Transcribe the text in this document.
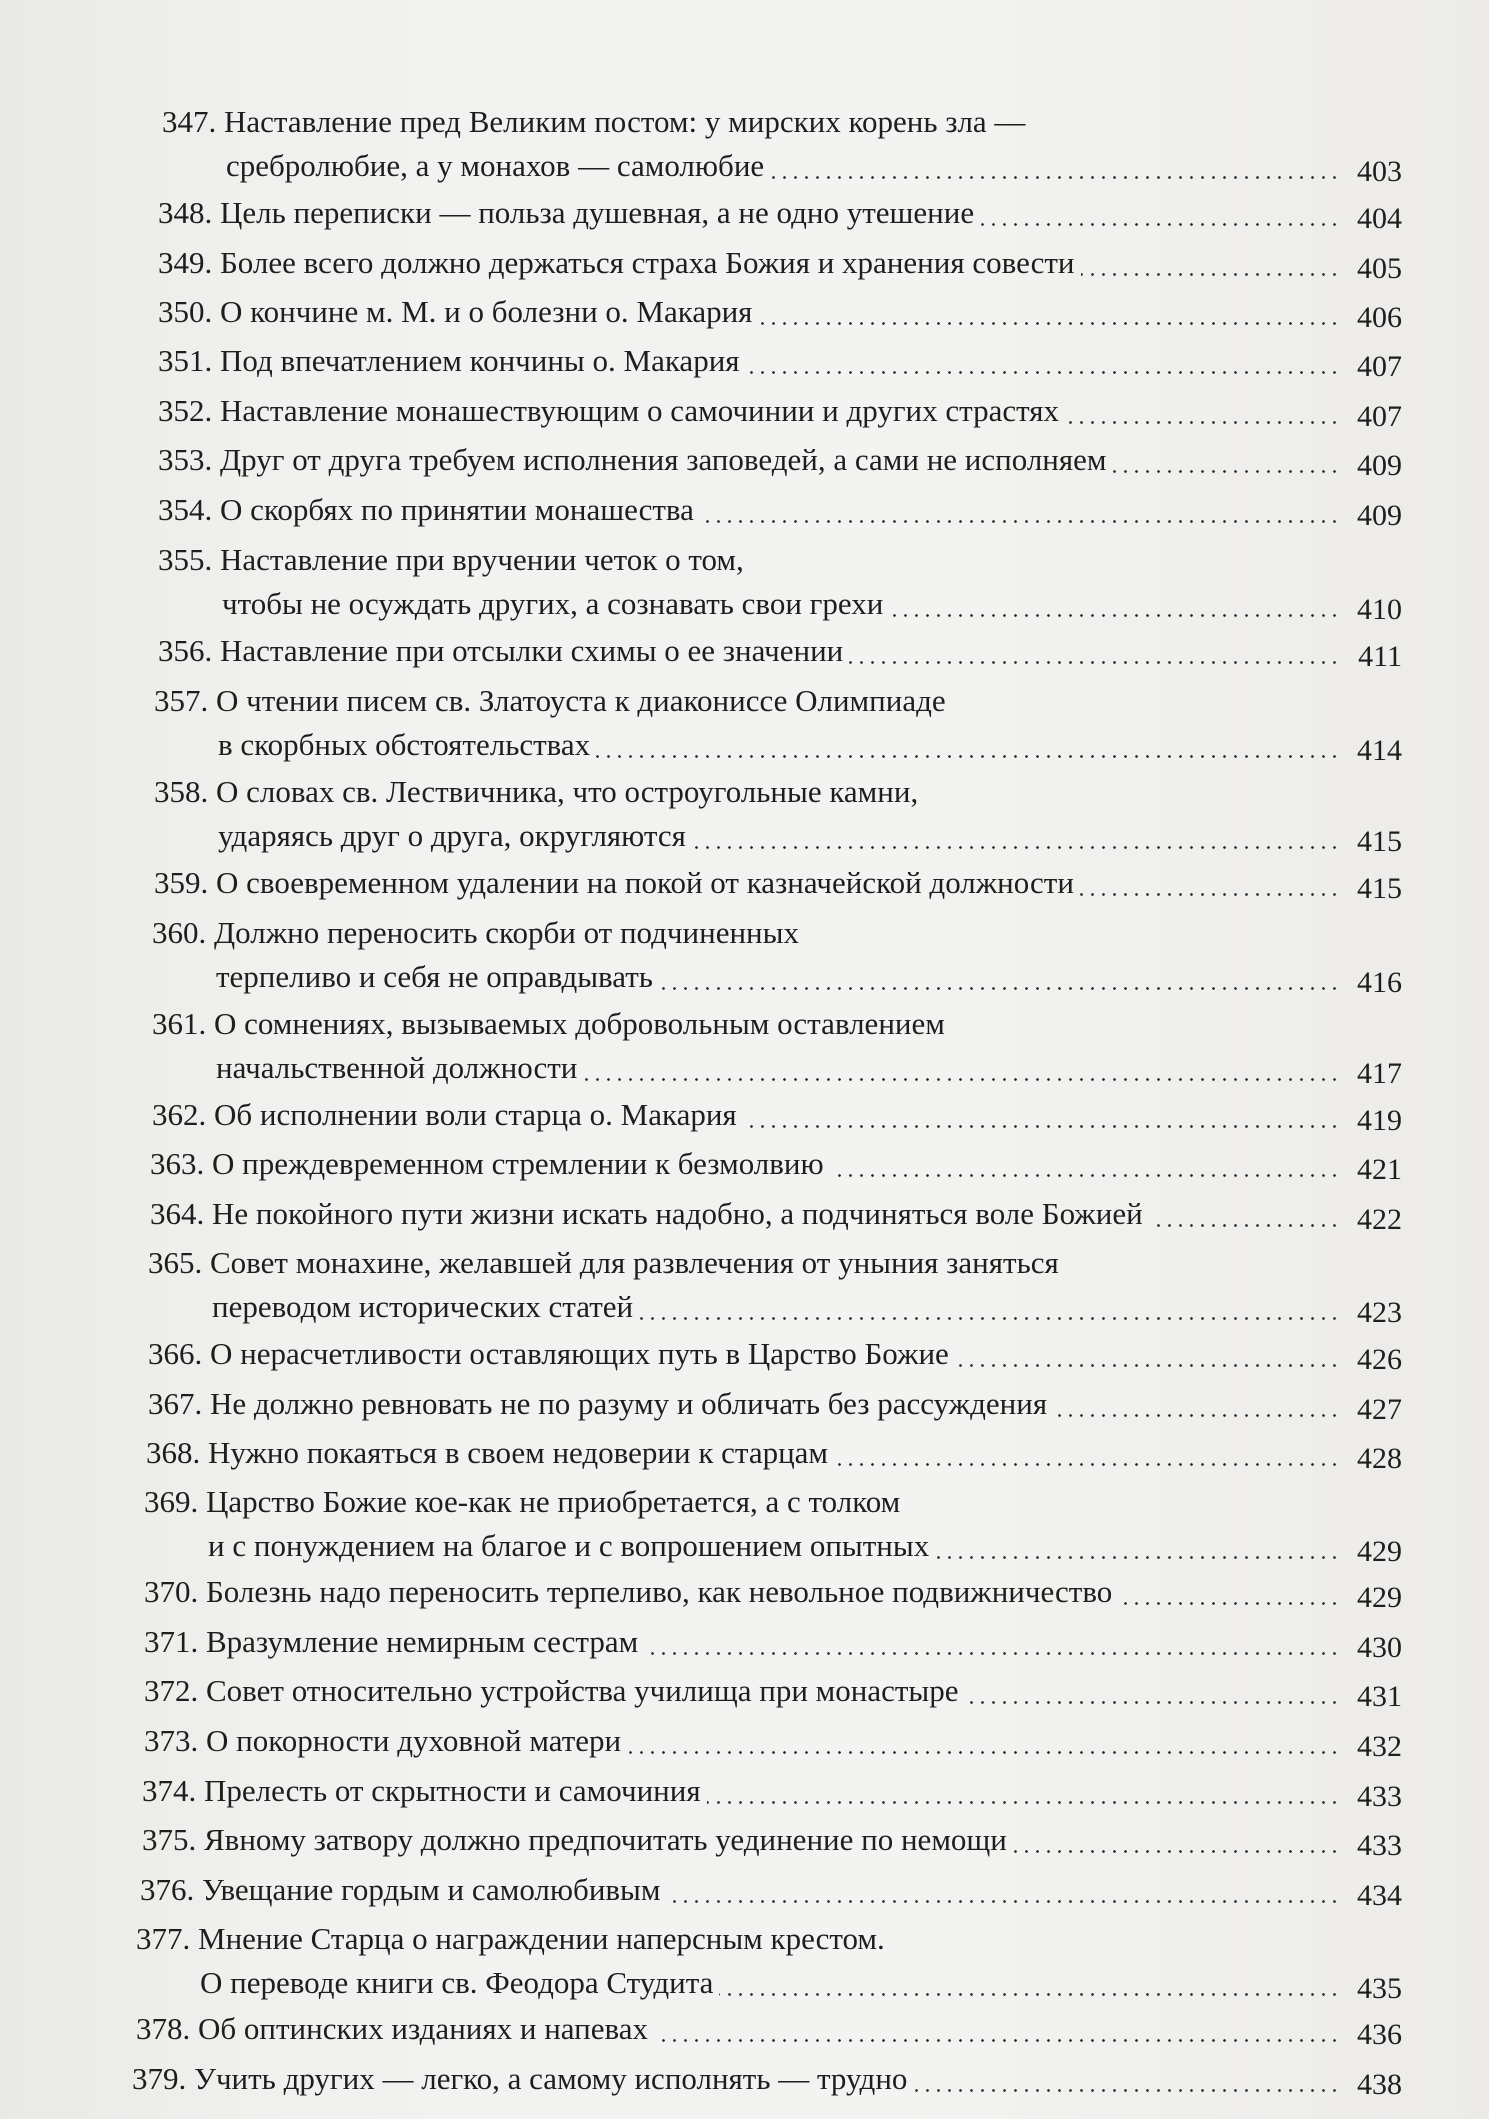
347. Наставление пред Великим постом: у мирских корень зла —
сребролюбие, а у монахов — самолюбие	403
348. Цель переписки — польза душевная, а не одно утешение	404
349. Более всего должно держаться страха Божия и хранения совести	405
350. О кончине м. М. и о болезни о. Макария	406
351. Под впечатлением кончины о. Макария	407
352. Наставление монашествующим о самочинии и других страстях	407
353. Друг от друга требуем исполнения заповедей, а сами не исполняем	409
354. О скорбях по принятии монашества	409
355. Наставление при вручении четок о том,
чтобы не осуждать других, а сознавать свои грехи	410
356. Наставление при отсылки схимы о ее значении	411
357. О чтении писем св. Златоуста к диакониссе Олимпиаде
в скорбных обстоятельствах	414
358. О словах св. Лествичника, что остроугольные камни,
ударяясь друг о друга, округляются	415
359. О своевременном удалении на покой от казначейской должности	415
360. Должно переносить скорби от подчиненных
терпеливо и себя не оправдывать	416
361. О сомнениях, вызываемых добровольным оставлением
начальственной должности	417
362. Об исполнении воли старца о. Макария	419
363. О преждевременном стремлении к безмолвию	421
364. Не покойного пути жизни искать надобно, а подчиняться воле Божией	422
365. Совет монахине, желавшей для развлечения от уныния заняться
переводом исторических статей	423
366. О нерасчетливости оставляющих путь в Царство Божие	426
367. Не должно ревновать не по разуму и обличать без рассуждения	427
368. Нужно покаяться в своем недоверии к старцам	428
369. Царство Божие кое-как не приобретается, а с толком
и с понуждением на благое и с вопрошением опытных	429
370. Болезнь надо переносить терпеливо, как невольное подвижничество	429
371. Вразумление немирным сестрам	430
372. Совет относительно устройства училища при монастыре	431
373. О покорности духовной матери	432
374. Прелесть от скрытности и самочиния	433
375. Явному затвору должно предпочитать уединение по немощи	433
376. Увещание гордым и самолюбивым	434
377. Мнение Старца о награждении наперсным крестом.
О переводе книги св. Феодора Студита	435
378. Об оптинских изданиях и напевах	436
379. Учить других — легко, а самому исполнять — трудно	438
